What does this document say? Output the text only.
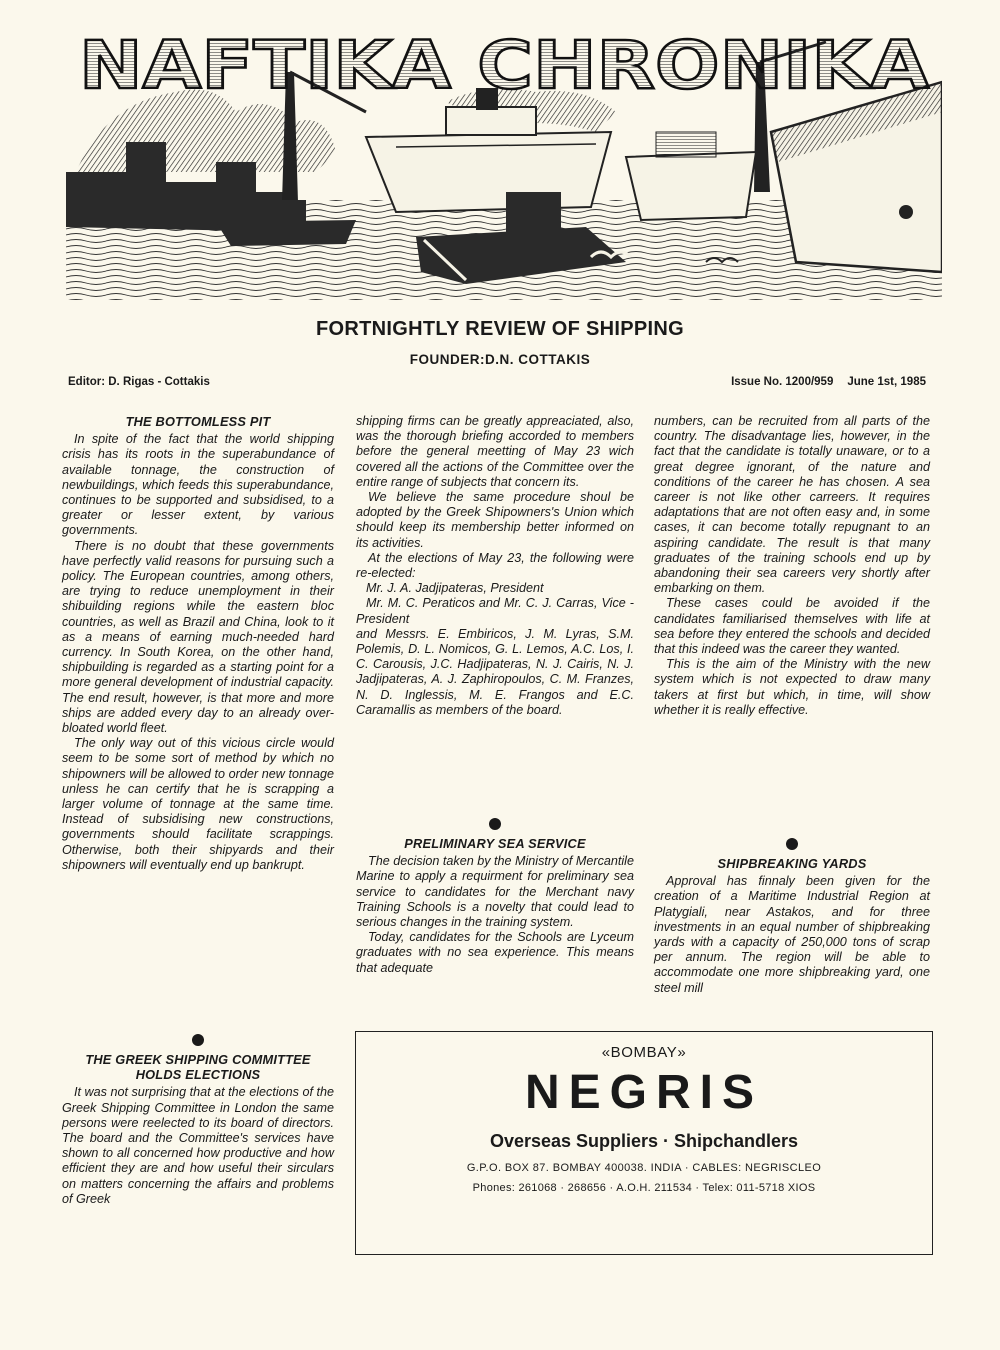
NAFTIKA CHRONIKA
FORTNIGHTLY REVIEW OF SHIPPING
FOUNDER:D.N. COTTAKIS
Editor: D. Rigas - Cottakis	Issue No. 1200/959 June 1st, 1985
THE BOTTOMLESS PIT

In spite of the fact that the world shipping crisis has its roots in the superabundance of available tonnage, the construction of newbuildings, which feeds this superabundance, continues to be supported and subsidised, to a greater or lesser extent, by various governments.

There is no doubt that these governments have perfectly valid reasons for pursuing such a policy. The European countries, among others, are trying to reduce unemployment in their shibuilding regions while the eastern bloc countries, as well as Brazil and China, look to it as a means of earning much-needed hard currency. In South Korea, on the other hand, shipbuilding is regarded as a starting point for a more general development of industrial capacity. The end result, however, is that more and more ships are added every day to an already over-bloated world fleet.

The only way out of this vicious circle would seem to be some sort of method by which no shipowners will be allowed to order new tonnage unless he can certify that he is scrapping a larger volume of tonnage at the same time. Instead of subsidising new constructions, governments should facilitate scrappings. Otherwise, both their shipyards and their shipowners will eventually end up bankrupt.

THE GREEK SHIPPING COMMITTEE
HOLDS ELECTIONS

It was not surprising that at the elections of the Greek Shipping Committee in London the same persons were reelected to its board of directors. The board and the Committee's services have shown to all concerned how productive and how efficient they are and how useful their sirculars on matters concerning the affairs and problems of Greek

shipping firms can be greatly appreaciated, also, was the thorough briefing accorded to members before the general meetting of May 23 wich covered all the actions of the Committee over the entire range of subjects that concern its.

We believe the same procedure shoul be adopted by the Greek Shipowners's Union which should keep its membership better informed on its activities.

At the elections of May 23, the following were re-elected:

Mr. J. A. Jadjipateras, President

Mr. M. C. Peraticos and Mr. C. J. Carras, Vice - President

and Messrs. E. Embiricos, J. M. Lyras, S.M. Polemis, D. L. Nomicos, G. L. Lemos, A.C. Los, I. C. Carousis, J.C. Hadjipateras, N. J. Cairis, N. J. Jadjipateras, A. J. Zaphiropoulos, C. M. Franzes, N. D. Inglessis, M. E. Frangos and E.C. Caramallis as members of the board.

PRELIMINARY SEA SERVICE

The decision taken by the Ministry of Mercantile Marine to apply a requirment for preliminary sea service to candidates for the Merchant navy Training Schools is a novelty that could lead to serious changes in the training system.

Today, candidates for the Schools are Lyceum graduates with no sea experience. This means that adequate

numbers, can be recruited from all parts of the country. The disadvantage lies, however, in the fact that the candidate is totally unaware, or to a great degree ignorant, of the nature and conditions of the career he has chosen. A sea career is not like other carreers. It requires adaptations that are not often easy and, in some cases, it can become totally repugnant to an aspiring candidate. The result is that many graduates of the training schools end up by abandoning their sea careers very shortly after embarking on them.

These cases could be avoided if the candidates familiarised themselves with life at sea before they entered the schools and decided that this indeed was the career they wanted.

This is the aim of the Ministry with the new system which is not expected to draw many takers at first but which, in time, will show whether it is really effective.

SHIPBREAKING YARDS

Approval has finnaly been given for the creation of a Maritime Industrial Region at Platygiali, near Astakos, and for three investments in an equal number of shipbreaking yards with a capacity of 250,000 tons of scrap per annum. The region will be able to accommodate one more shipbreaking yard, one steel mill

«BOMBAY»
NEGRIS
Overseas Suppliers · Shipchandlers
G.P.O. BOX 87. BOMBAY 400038. INDIA · CABLES: NEGRISCLEO
Phones: 261068 · 268656 · A.O.H. 211534 · Telex: 011-5718 XIOS
